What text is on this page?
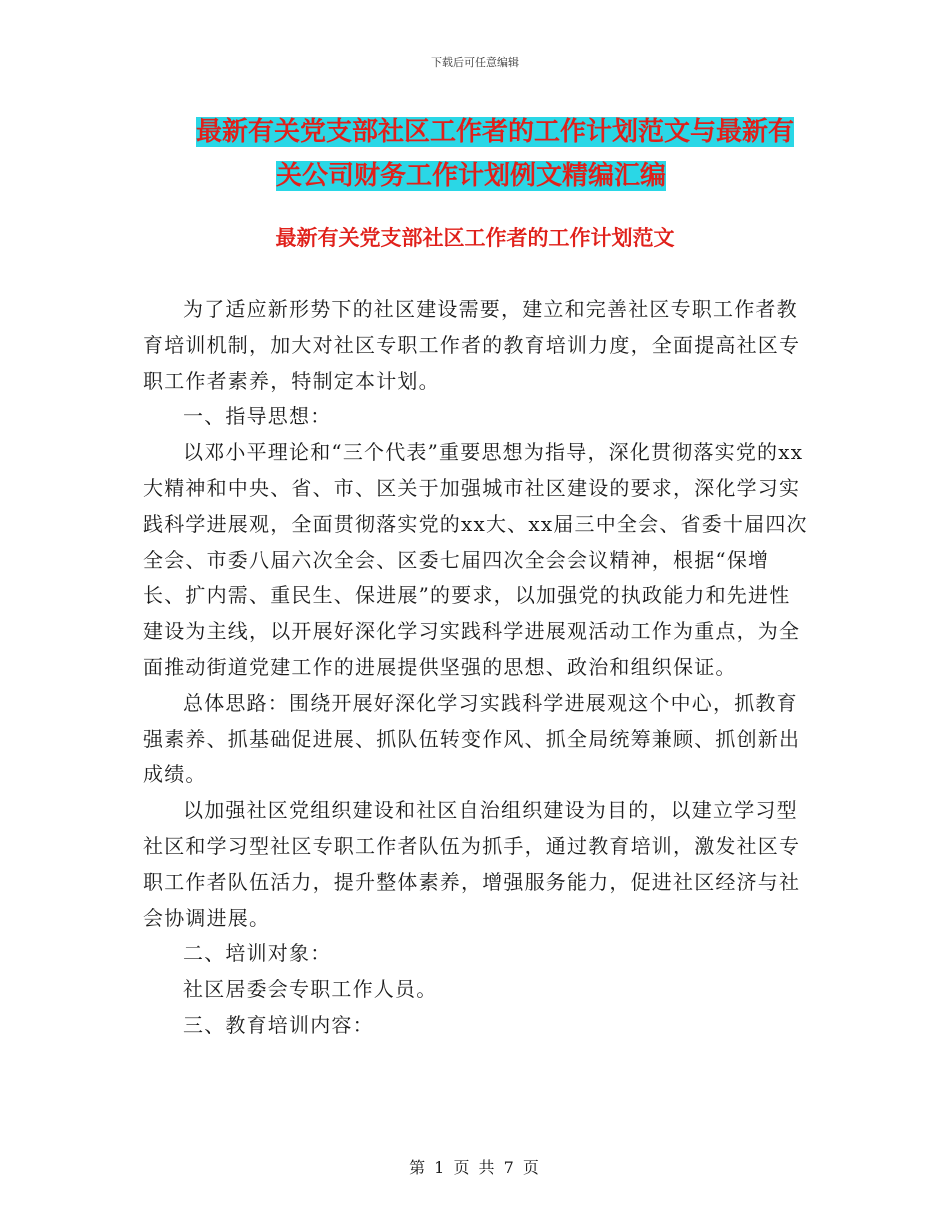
下载后可任意编辑
最新有关党支部社区工作者的工作计划范文与最新有
关公司财务工作计划例文精编汇编
最新有关党支部社区工作者的工作计划范文

为了适应新形势下的社区建设需要，建立和完善社区专职工作者教育培训机制，加大对社区专职工作者的教育培训力度，全面提高社区专职工作者素养，特制定本计划。

一、指导思想：

以邓小平理论和“三个代表”重要思想为指导，深化贯彻落实党的xx大精神和中央、省、市、区关于加强城市社区建设的要求，深化学习实践科学进展观，全面贯彻落实党的xx大、xx届三中全会、省委十届四次全会、市委八届六次全会、区委七届四次全会会议精神，根据“保增长、扩内需、重民生、保进展”的要求，以加强党的执政能力和先进性建设为主线，以开展好深化学习实践科学进展观活动工作为重点，为全面推动街道党建工作的进展提供坚强的思想、政治和组织保证。

总体思路：围绕开展好深化学习实践科学进展观这个中心，抓教育强素养、抓基础促进展、抓队伍转变作风、抓全局统筹兼顾、抓创新出成绩。

以加强社区党组织建设和社区自治组织建设为目的，以建立学习型社区和学习型社区专职工作者队伍为抓手，通过教育培训，激发社区专职工作者队伍活力，提升整体素养，增强服务能力，促进社区经济与社会协调进展。

二、培训对象：

社区居委会专职工作人员。

三、教育培训内容：

第 1 页 共 7 页
